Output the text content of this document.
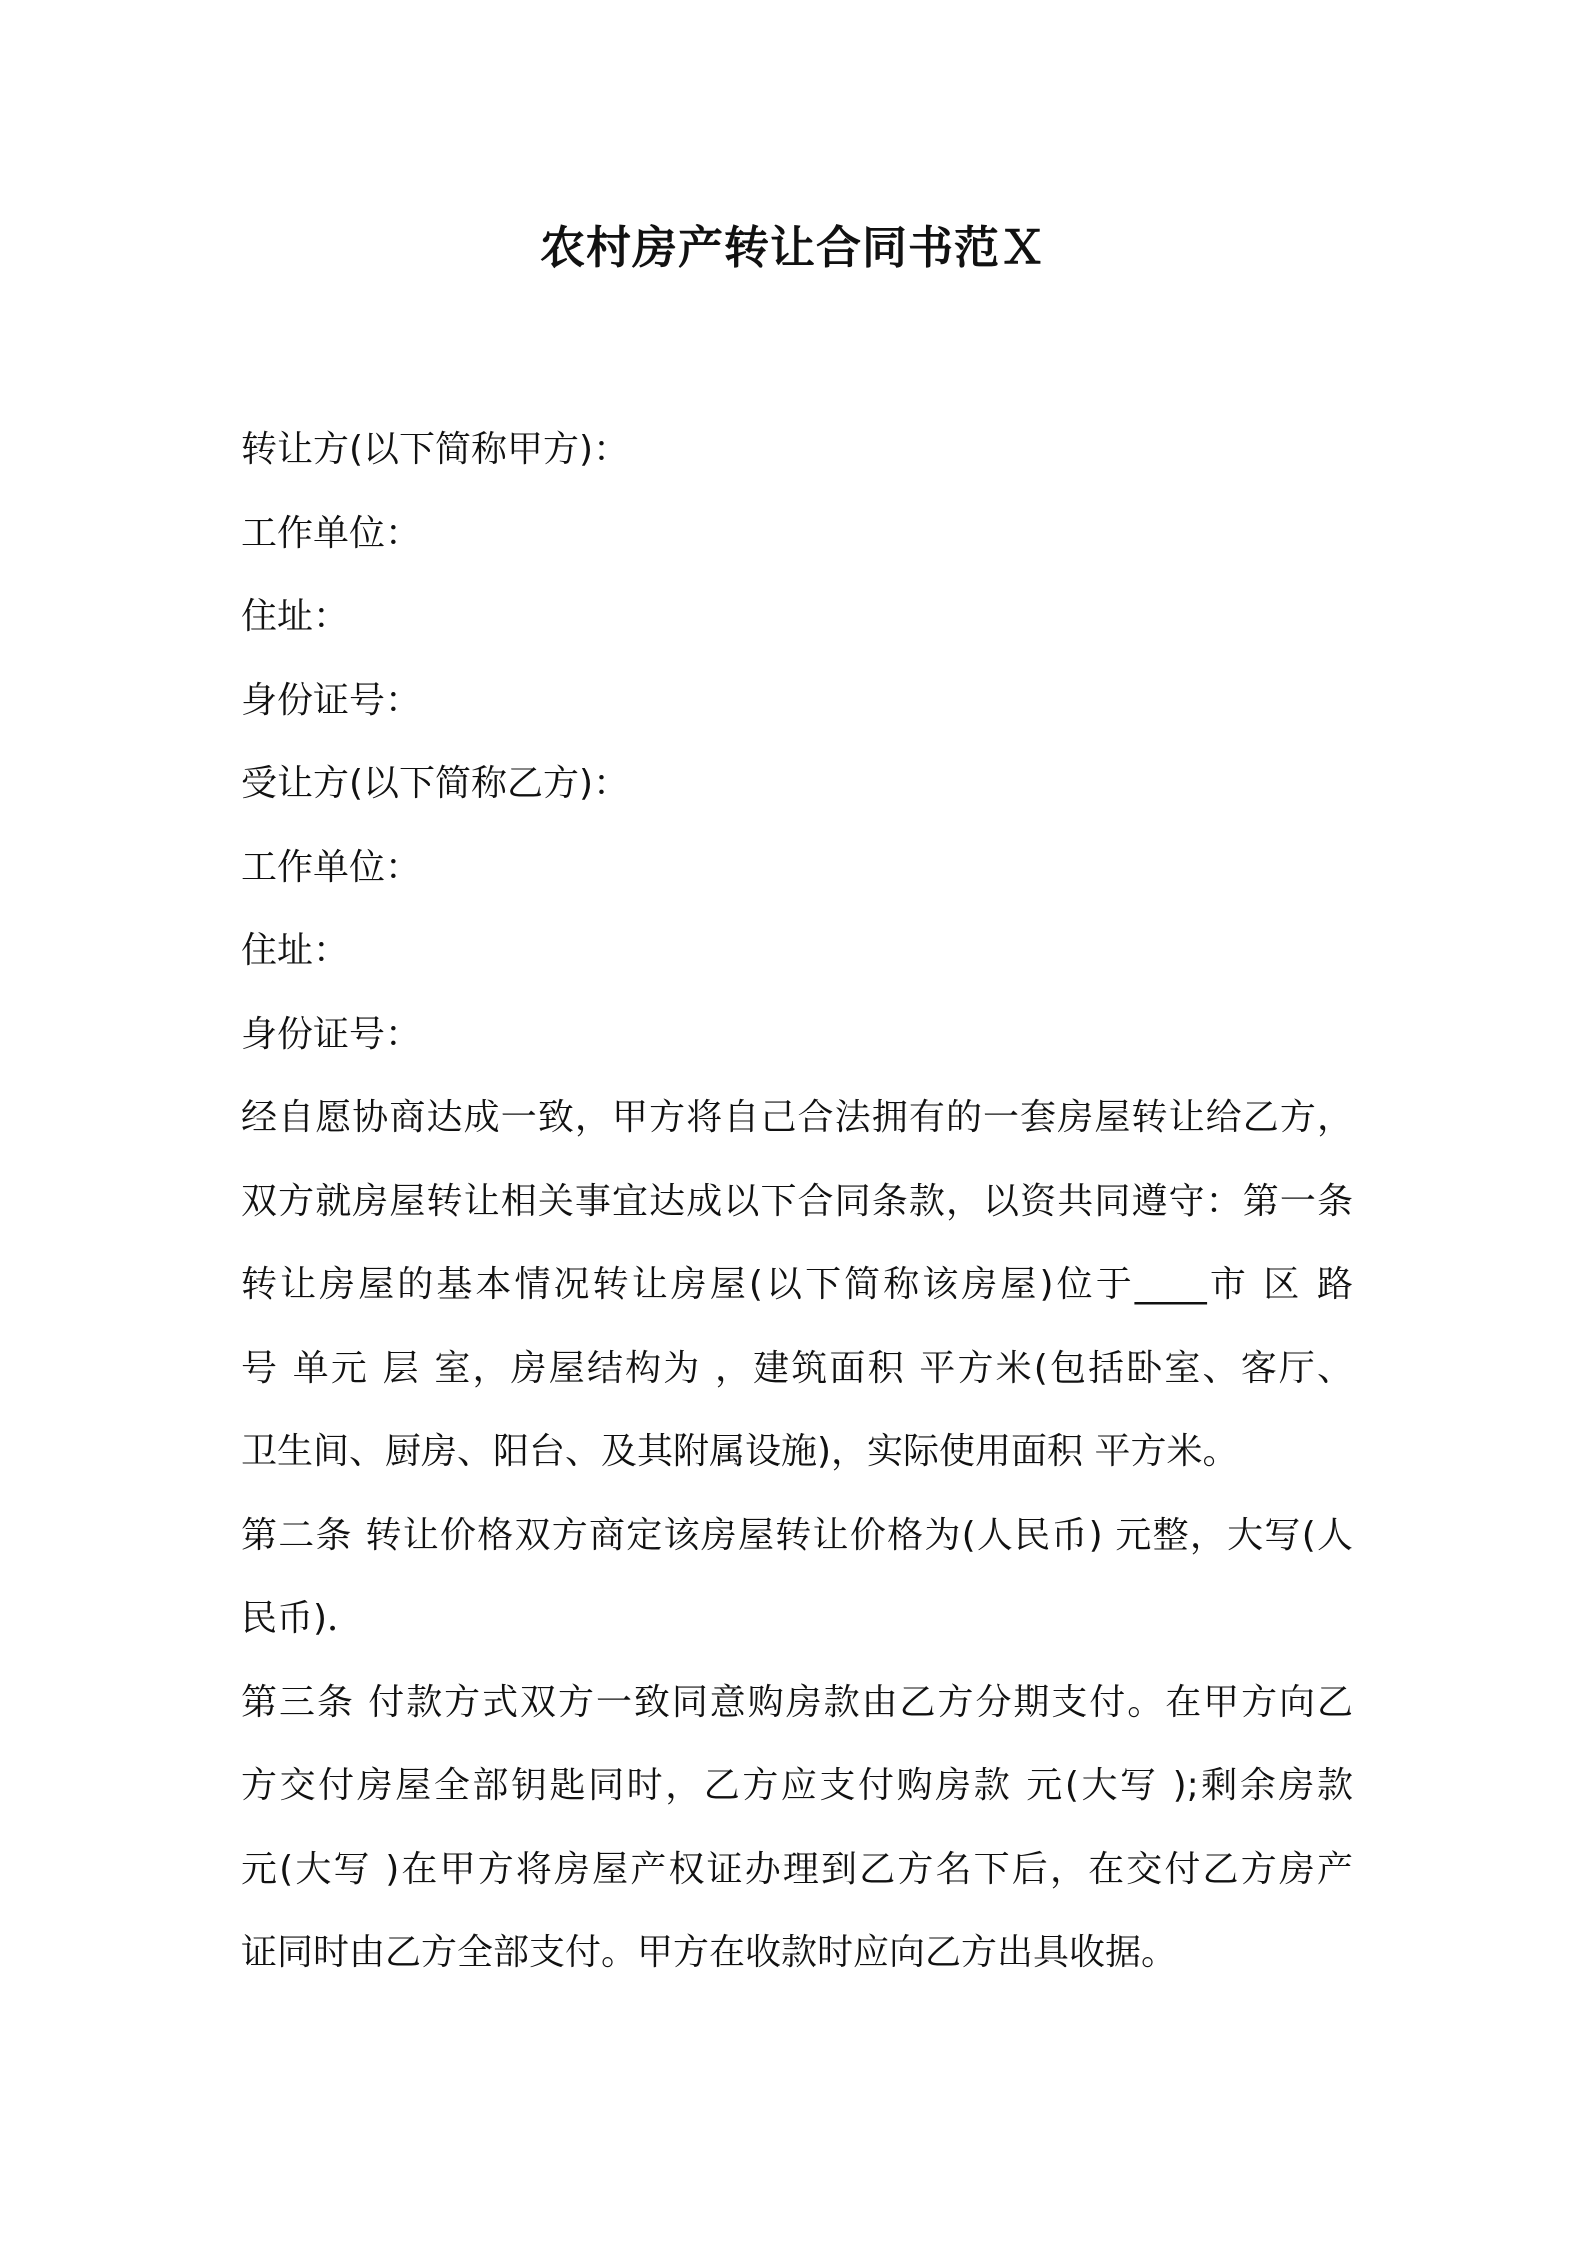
农村房产转让合同书范Ｘ
转让方(以下简称甲方)：
工作单位：
住址：
身份证号：
受让方(以下简称乙方)：
工作单位：
住址：
身份证号：
经自愿协商达成一致，甲方将自己合法拥有的一套房屋转让给乙方，
双方就房屋转让相关事宜达成以下合同条款，以资共同遵守：第一条
转让房屋的基本情况转让房屋(以下简称该房屋)位于____市 区 路
号 单元 层 室，房屋结构为 ，建筑面积 平方米(包括卧室、客厅、
卫生间、厨房、阳台、及其附属设施)，实际使用面积 平方米。
第二条 转让价格双方商定该房屋转让价格为(人民币) 元整，大写(人
民币)．
第三条 付款方式双方一致同意购房款由乙方分期支付。在甲方向乙
方交付房屋全部钥匙同时，乙方应支付购房款 元(大写 );剩余房款
元(大写 )在甲方将房屋产权证办理到乙方名下后，在交付乙方房产
证同时由乙方全部支付。甲方在收款时应向乙方出具收据。
